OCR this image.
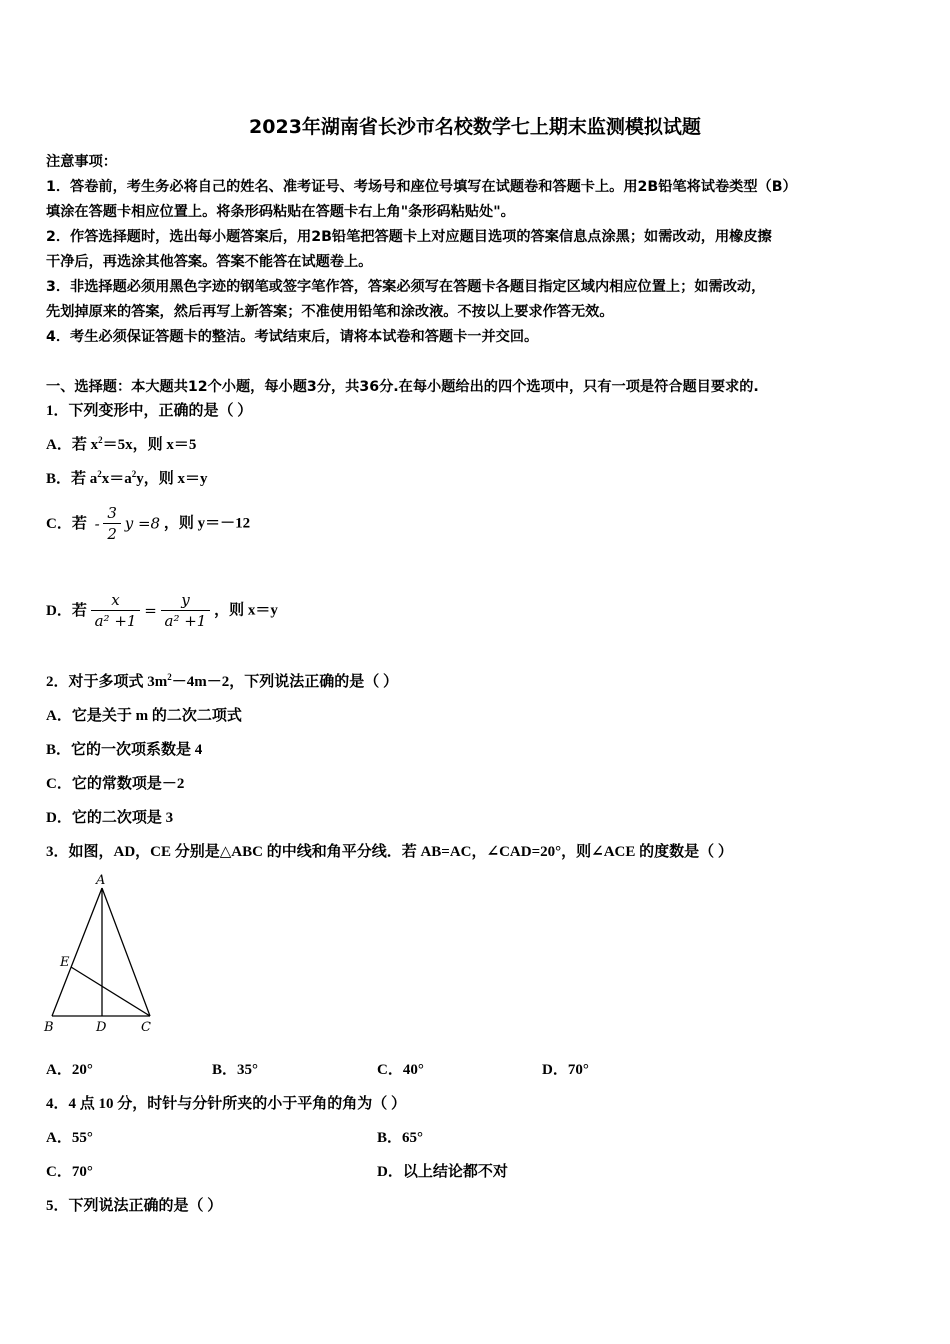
2023年湖南省长沙市名校数学七上期末监测模拟试题
注意事项：
1．答卷前，考生务必将自己的姓名、准考证号、考场号和座位号填写在试题卷和答题卡上。用2B铅笔将试卷类型（B）
填涂在答题卡相应位置上。将条形码粘贴在答题卡右上角"条形码粘贴处"。
2．作答选择题时，选出每小题答案后，用2B铅笔把答题卡上对应题目选项的答案信息点涂黑；如需改动，用橡皮擦
干净后，再选涂其他答案。答案不能答在试题卷上。
3．非选择题必须用黑色字迹的钢笔或签字笔作答，答案必须写在答题卡各题目指定区域内相应位置上；如需改动，
先划掉原来的答案，然后再写上新答案；不准使用铅笔和涂改液。不按以上要求作答无效。
4．考生必须保证答题卡的整洁。考试结束后，请将本试卷和答题卡一并交回。
一、选择题：本大题共12个小题，每小题3分，共36分.在每小题给出的四个选项中，只有一项是符合题目要求的.
1．下列变形中，正确的是（ ）
A．若 $x^2=5x$，则 x＝5
B．若 $a^2x=a^2y$，则 x＝y
C．若 - $\frac{3}{2}$ y =8 ，则 y＝－12
D．若 $\frac{x}{\text{a² +1}} = \frac{y}{\text{a² +1}}$ ，则 x＝y
2．对于多项式 $3m^2-4m-2$，下列说法正确的是（ ）
A．它是关于 m 的二次二项式
B．它的一次项系数是 4
C．它的常数项是－2
D．它的二次项是 3
3．如图，AD，CE 分别是△ABC 的中线和角平分线．若 AB=AC，∠CAD=20°，则∠ACE 的度数是（ ）
A
E
B	D	C
A．20°	B．35°	C．40°	D．70°
4．4 点 10 分，时针与分针所夹的小于平角的角为（ ）
A．55°	B．65°
C．70°	D．以上结论都不对
5．下列说法正确的是（ ）
